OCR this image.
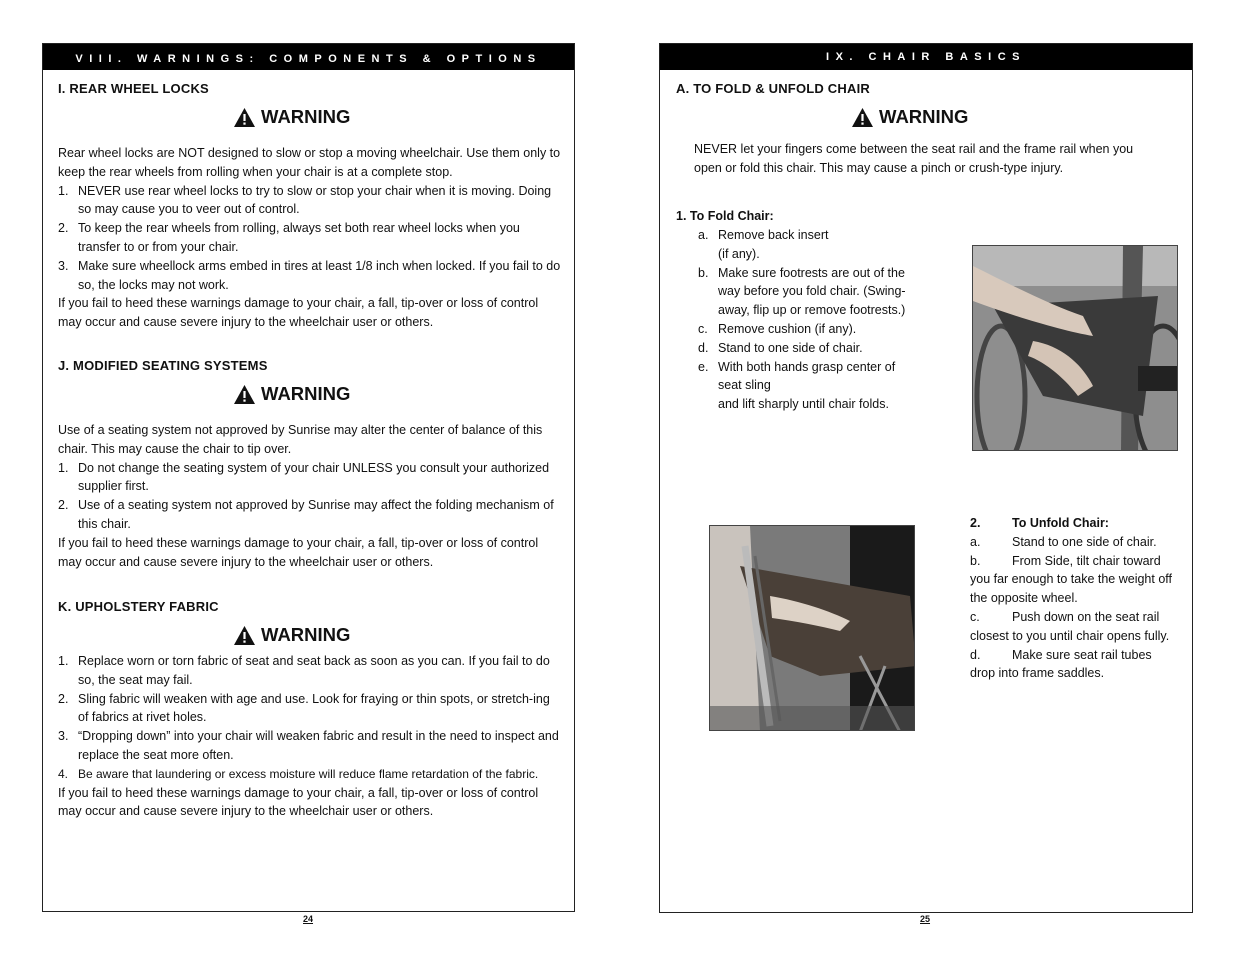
VIII. WARNINGS: COMPONENTS & OPTIONS
I. REAR WHEEL LOCKS
WARNING

Rear wheel locks are NOT designed to slow or stop a moving wheelchair. Use them only to keep the rear wheels from rolling when your chair is at a complete stop.

1. NEVER use rear wheel locks to try to slow or stop your chair when it is moving. Doing so may cause you to veer out of control.
2. To keep the rear wheels from rolling, always set both rear wheel locks when you transfer to or from your chair.
3. Make sure wheellock arms embed in tires at least 1/8 inch when locked. If you fail to do so, the locks may not work.

If you fail to heed these warnings damage to your chair, a fall, tip-over or loss of control may occur and cause severe injury to the wheelchair user or others.

J. MODIFIED SEATING SYSTEMS
WARNING

Use of a seating system not approved by Sunrise may alter the center of balance of this chair. This may cause the chair to tip over.

1. Do not change the seating system of your chair UNLESS you consult your authorized supplier first.
2. Use of a seating system not approved by Sunrise may affect the folding mechanism of this chair.

If you fail to heed these warnings damage to your chair, a fall, tip-over or loss of control may occur and cause severe injury to the wheelchair user or others.

K. UPHOLSTERY FABRIC
WARNING
1. Replace worn or torn fabric of seat and seat back as soon as you can. If you fail to do so, the seat may fail.
2. Sling fabric will weaken with age and use. Look for fraying or thin spots, or stretch-ing of fabrics at rivet holes.
3. “Dropping down” into your chair will weaken fabric and result in the need to inspect and replace the seat more often.
4. Be aware that laundering or excess moisture will reduce flame retardation of the fabric.

If you fail to heed these warnings damage to your chair, a fall, tip-over or loss of control may occur and cause severe injury to the wheelchair user or others.

24
IX. CHAIR BASICS
A. TO FOLD & UNFOLD CHAIR
WARNING
NEVER let your fingers come between the seat rail and the frame rail when you open or fold this chair. This may cause a pinch or crush-type injury.
1. To Fold Chair:
a. Remove back insert
(if any).
b. Make sure footrests are out of the way before you fold chair. (Swing-away, flip up or remove footrests.)
c. Remove cushion (if any).
d. Stand to one side of chair.
e. With both hands grasp center of seat sling
and lift sharply until chair folds.
2.	To Unfold Chair:
a.	Stand to one side of chair.
b.	From Side, tilt chair toward you far enough to take the weight off the opposite wheel.
c.	Push down on the seat rail closest to you until chair opens fully.
d.	Make sure seat rail tubes drop into frame saddles.
25
